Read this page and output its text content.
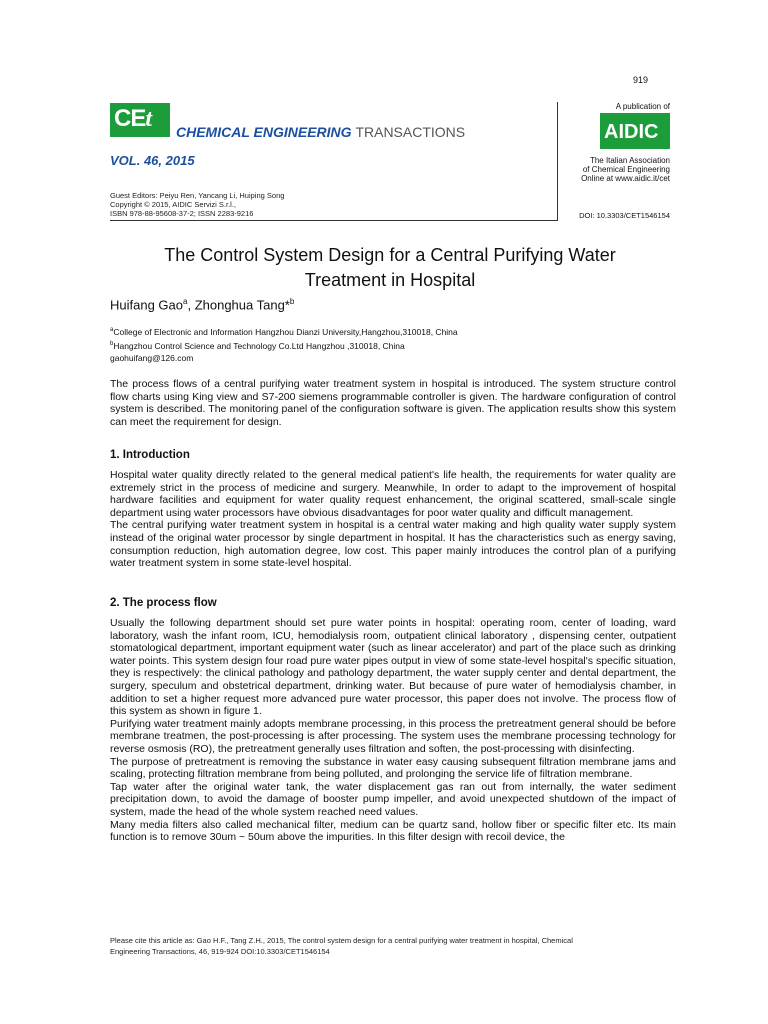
919
CEt CHEMICAL ENGINEERING TRANSACTIONS
VOL. 46, 2015
A publication of
AIDIC
The Italian Association
of Chemical Engineering
Online at www.aidic.it/cet
Guest Editors: Peiyu Ren, Yancang Li, Huiping Song
Copyright © 2015, AIDIC Servizi S.r.l.,
ISBN 978-88-95608-37-2; ISSN 2283-9216	DOI: 10.3303/CET1546154
The Control System Design for a Central Purifying Water
Treatment in Hospital
Huifang Gao$^a$, Zhonghua Tang*$^b$
$^a$College of Electronic and Information Hangzhou Dianzi University,Hangzhou,310018, China
$^b$Hangzhou Control Science and Technology Co.Ltd Hangzhou ,310018, China
gaohuifang@126.com

The process flows of a central purifying water treatment system in hospital is introduced. The system structure control flow charts using King view and S7-200 siemens programmable controller is given. The hardware configuration of control system is described. The monitoring panel of the configuration software is given. The application results show this system can meet the requirement for design.

1. Introduction

Hospital water quality directly related to the general medical patient's life health, the requirements for water quality are extremely strict in the process of medicine and surgery. Meanwhile, In order to adapt to the improvement of hospital hardware facilities and equipment for water quality request enhancement, the original scattered, small-scale single department using water processors have obvious disadvantages for poor water quality and difficult management.

The central purifying water treatment system in hospital is a central water making and high quality water supply system instead of the original water processor by single department in hospital. It has the characteristics such as energy saving, consumption reduction, high automation degree, low cost. This paper mainly introduces the control plan of a purifying water treatment system in some state-level hospital.

2. The process flow

Usually the following department should set pure water points in hospital: operating room, center of loading, ward laboratory, wash the infant room, ICU, hemodialysis room, outpatient clinical laboratory , dispensing center, outpatient stomatological department, important equipment water (such as linear accelerator) and part of the place such as drinking water points. This system design four road pure water pipes output in view of some state-level hospital's specific situation, they is respectively: the clinical pathology and pathology department, the water supply center and dental department, the surgery, speculum and obstetrical department, drinking water. But because of pure water of hemodialysis chamber, in addition to set a higher request more advanced pure water processor, this paper does not involve. The process flow of this system as shown in figure 1.

Purifying water treatment mainly adopts membrane processing, in this process the pretreatment general should be before membrane treatmen, the post-processing is after processing. The system uses the membrane processing technology for reverse osmosis (RO), the pretreatment generally uses filtration and soften, the post-processing with disinfecting.

The purpose of pretreatment is removing the substance in water easy causing subsequent filtration membrane jams and scaling, protecting filtration membrane from being polluted, and prolonging the service life of filtration membrane.

Tap water after the original water tank, the water displacement gas ran out from internally, the water sediment precipitation down, to avoid the damage of booster pump impeller, and avoid unexpected shutdown of the impact of system, made the head of the whole system reached need values.

Many media filters also called mechanical filter, medium can be quartz sand, hollow fiber or specific filter etc. Its main function is to remove 30um ~ 50um above the impurities. In this filter design with recoil device, the

Please cite this article as: Gao H.F., Tang Z.H., 2015, The control system design for a central purifying water treatment in hospital, Chemical
Engineering Transactions, 46, 919-924 DOI:10.3303/CET1546154
